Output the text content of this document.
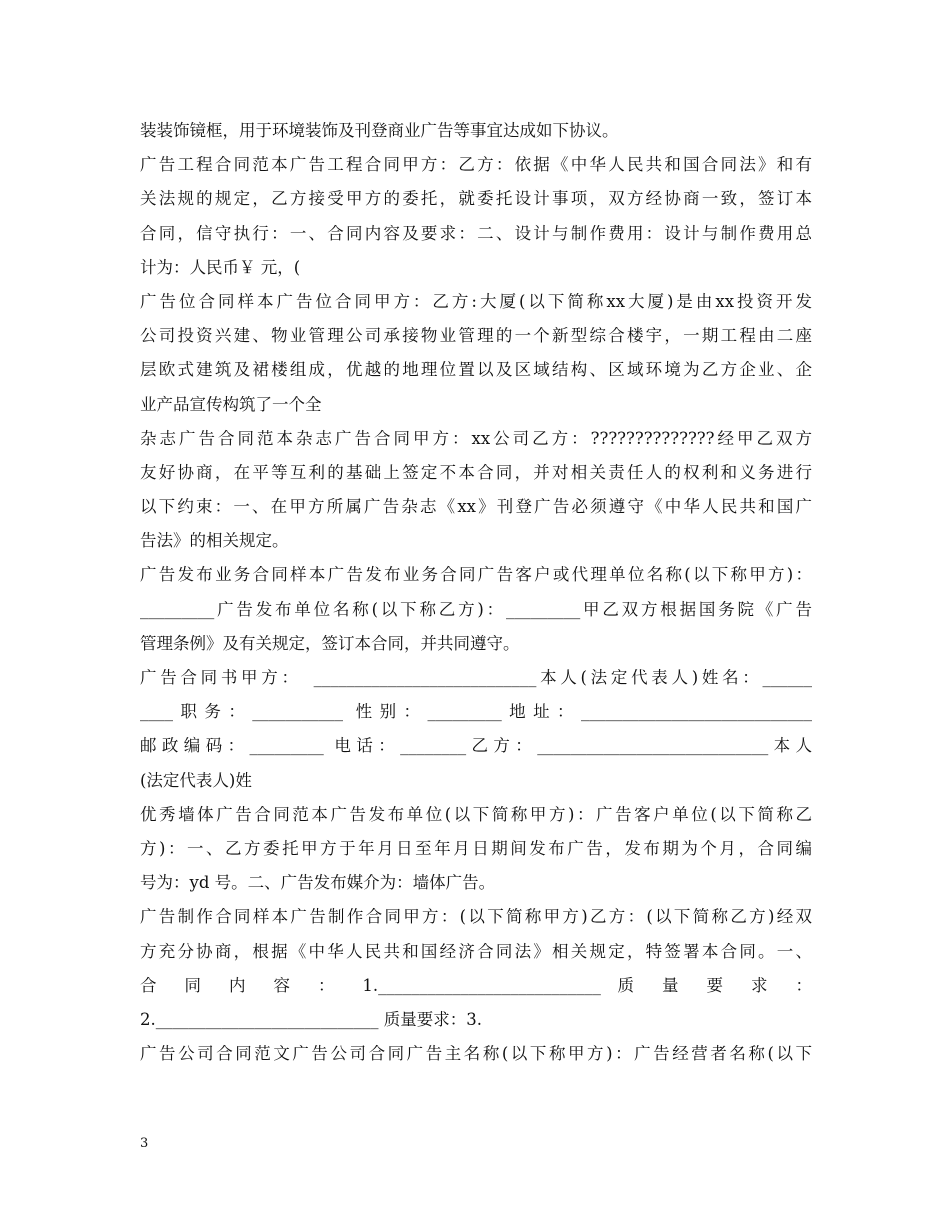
装装饰镜框，用于环境装饰及刊登商业广告等事宜达成如下协议。
广告工程合同范本广告工程合同甲方：乙方：依据《中华人民共和国合同法》和有
关法规的规定，乙方接受甲方的委托，就委托设计事项，双方经协商一致，签订本
合同，信守执行：一、合同内容及要求：二、设计与制作费用：设计与制作费用总
计为：人民币￥ 元，(
广告位合同样本广告位合同甲方：乙方:大厦(以下简称xx大厦)是由xx投资开发
公司投资兴建、物业管理公司承接物业管理的一个新型综合楼宇，一期工程由二座
层欧式建筑及裙楼组成，优越的地理位置以及区域结构、区域环境为乙方企业、企
业产品宣传构筑了一个全
杂志广告合同范本杂志广告合同甲方：xx公司乙方：??????????????经甲乙双方
友好协商，在平等互利的基础上签定不本合同，并对相关责任人的权利和义务进行
以下约束：一、在甲方所属广告杂志《xx》刊登广告必须遵守《中华人民共和国广
告法》的相关规定。
广告发布业务合同样本广告发布业务合同广告客户或代理单位名称(以下称甲方)：
_________广告发布单位名称(以下称乙方)：_________甲乙双方根据国务院《广告
管理条例》及有关规定，签订本合同，并共同遵守。
广告合同书甲方：　___________________________本人(法定代表人)姓名：______
____职务：___________ 性别：_________地址：____________________________
邮政编码：_________ 电话：________乙方：____________________________本人
(法定代表人)姓
优秀墙体广告合同范本广告发布单位(以下简称甲方)：广告客户单位(以下简称乙
方)：一、乙方委托甲方于年月日至年月日期间发布广告，发布期为个月，合同编
号为：yd 号。二、广告发布媒介为：墙体广告。
广告制作合同样本广告制作合同甲方：(以下简称甲方)乙方：(以下简称乙方)经双
方充分协商，根据《中华人民共和国经济合同法》相关规定，特签署本合同。一、
合 同 内 容 ： 1.___________________________ 质 量 要 求 ：
2.___________________________ 质量要求：3.
广告公司合同范文广告公司合同广告主名称(以下称甲方)：广告经营者名称(以下
3
